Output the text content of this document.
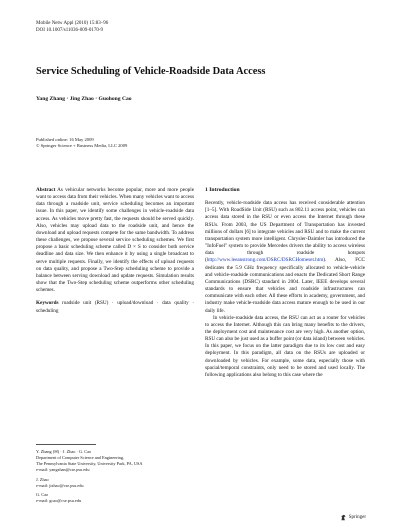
Mobile Netw Appl (2010) 15:83–96
DOI 10.1007/s11036-009-0170-9
Service Scheduling of Vehicle-Roadside Data Access
Yang Zhang · Jing Zhao · Guohong Cao
Published online: 16 May 2009
© Springer Science + Business Media, LLC 2009

Abstract As vehicular networks become popular, more and more people want to access data from their vehicles. When many vehicles want to access data through a roadside unit, service scheduling becomes an important issue. In this paper, we identify some challenges in vehicle-roadside data access. As vehicles move pretty fast, the requests should be served quickly. Also, vehicles may upload data to the roadside unit, and hence the download and upload requests compete for the same bandwidth. To address these challenges, we propose several service scheduling schemes. We first propose a basic scheduling scheme called D × S to consider both service deadline and data size. We then enhance it by using a single broadcast to serve multiple requests. Finally, we identify the effects of upload requests on data quality, and propose a Two-Step scheduling scheme to provide a balance between serving download and update requests. Simulation results show that the Two-Step scheduling scheme outperforms other scheduling schemes.

Keywords roadside unit (RSU) · upload/download · data quality · scheduling

1 Introduction

Recently, vehicle-roadside data access has received considerable attention [1–5]. With RoadSide Unit (RSU) such as 802.11 access point, vehicles can access data stored in the RSU or even access the Internet through these RSUs. From 2003, the US Department of Transportation has invested millions of dollars [6] to integrate vehicles and RSU and to make the current transportation system more intelligent. Chrysler-Daimler has introduced the "InfoFuel" system to provide Mercedes drivers the ability to access wireless data through roadside hotspots (http://www.leeanstrong.com/DSRC/DSRCHomeset.htm). Also, FCC dedicates the 5.9 GHz frequency specifically allocated to vehicle-vehicle and vehicle-roadside communications and enacts the Dedicated Short Range Communications (DSRC) standard in 2004. Later, IEEE develops several standards to ensure that vehicles and roadside infrastructures can communicate with each other. All these efforts in academy, government, and industry make vehicle-roadside data access mature enough to be used in our daily life.

In vehicle-roadside data access, the RSU can act as a router for vehicles to access the Internet. Although this can bring many benefits to the drivers, the deployment cost and maintenance cost are very high. As another option, RSU can also be just used as a buffer point (or data island) between vehicles. In this paper, we focus on the latter paradigm due to its low cost and easy deployment. In this paradigm, all data on the RSUs are uploaded or downloaded by vehicles. For example, some data, especially those with spacial/temporal constraints, only need to be stored and used locally. The following applications also belong to this case where the

Y. Zhang (✉) · J. Zhao · G. Cao
Department of Computer Science and Engineering,
The Pennsylvania State University, University Park, PA, USA
e-mail: yangzhan@cse.psu.edu
J. Zhao
e-mail: jizhao@cse.psu.edu
G. Cao
e-mail: gcao@cse.psu.edu
Springer
